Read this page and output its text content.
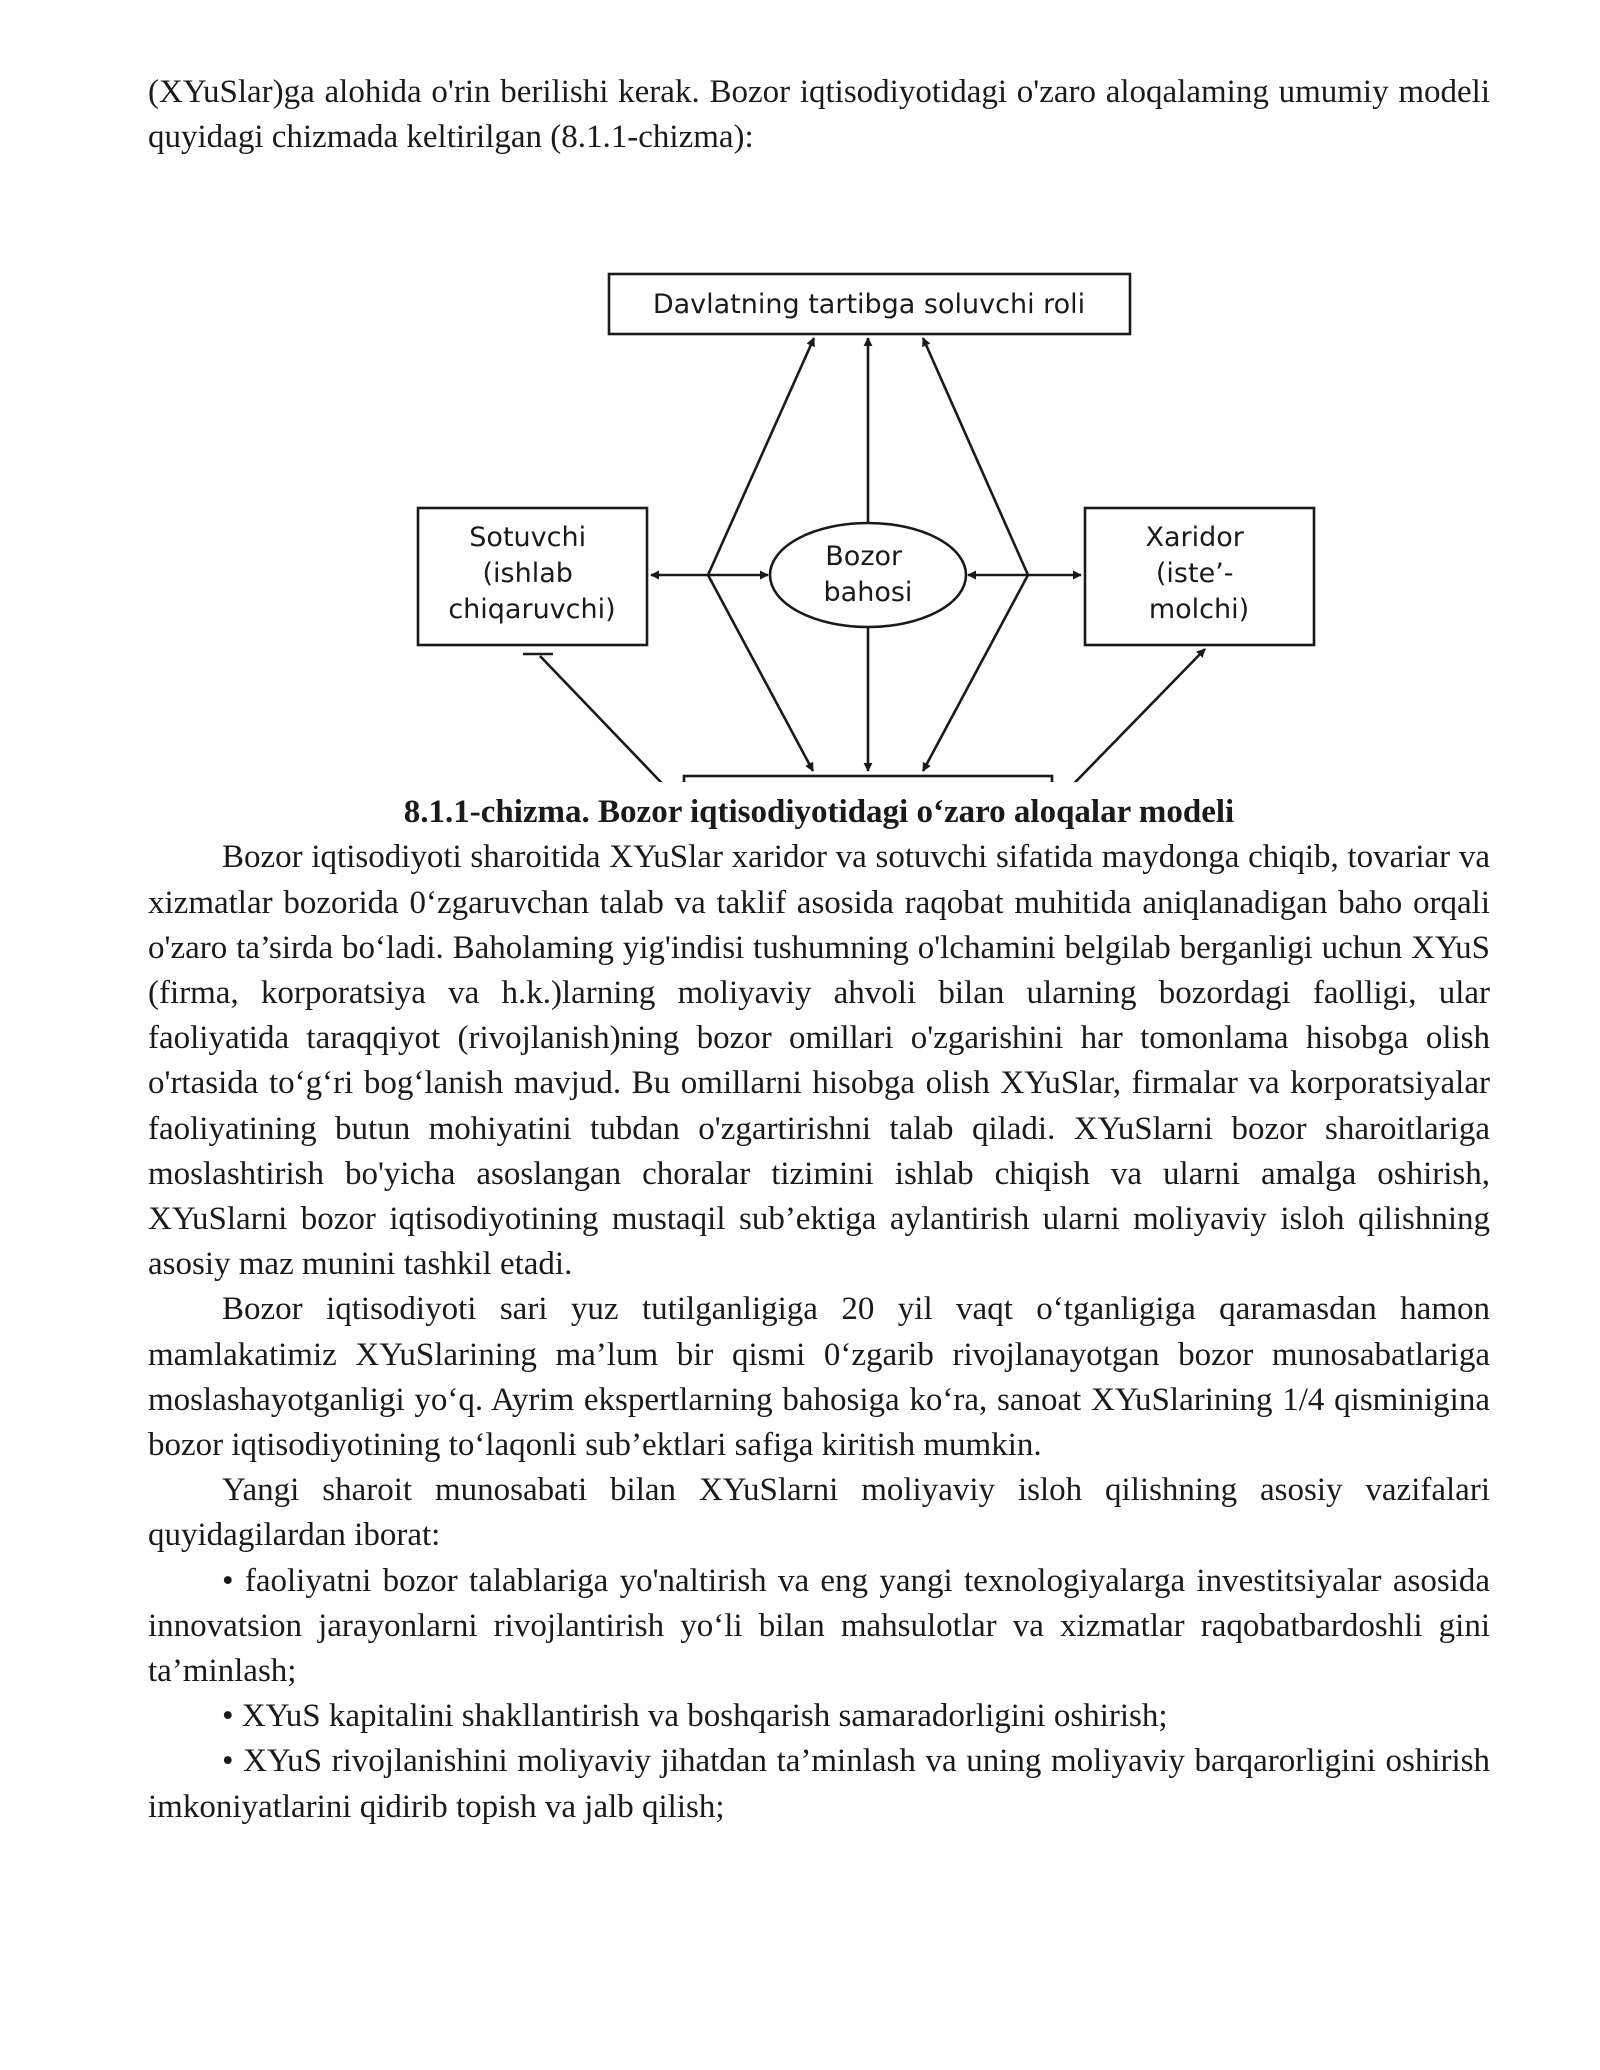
(XYuSlar)ga alohida o'rin berilishi kerak. Bozor iqtisodiyotidagi o'zaro aloqalaming umumiy modeli quyidagi chizmada keltirilgan (8.1.1-chizma):

Davlatning tartibga soluvchi roli
Sotuvchi (ishlab chiqaruvchi)
Bozor bahosi
Xaridor (iste’- molchi)

8.1.1-chizma. Bozor iqtisodiyotidagi o‘zaro aloqalar modeli

Bozor iqtisodiyoti sharoitida XYuSlar xaridor va sotuvchi sifatida maydonga chiqib, tovariar va xizmatlar bozorida 0‘zgaruvchan talab va taklif asosida raqobat muhitida aniqlanadigan baho orqali o'zaro ta’sirda bo‘ladi. Baholaming yig'indisi tushumning o'lchamini belgilab berganligi uchun XYuS (firma, korporatsiya va h.k.)larning moliyaviy ahvoli bilan ularning bozordagi faolligi, ular faoliyatida taraqqiyot (rivojlanish)ning bozor omillari o'zgarishini har tomonlama hisobga olish o'rtasida to‘g‘ri bog‘lanish mavjud. Bu omillarni hisobga olish XYuSlar, firmalar va korporatsiyalar faoliyatining butun mohiyatini tubdan o'zgartirishni talab qiladi. XYuSlarni bozor sharoitlariga moslashtirish bo'yicha asoslangan choralar tizimini ishlab chiqish va ularni amalga oshirish, XYuSlarni bozor iqtisodiyotining mustaqil sub’ektiga aylantirish ularni moliyaviy isloh qilishning asosiy maz munini tashkil etadi.

Bozor iqtisodiyoti sari yuz tutilganligiga 20 yil vaqt o‘tganligiga qaramasdan hamon mamlakatimiz XYuSlarining ma’lum bir qismi 0‘zgarib rivojlanayotgan bozor munosabatlariga moslashayotganligi yo‘q. Ayrim ekspertlarning bahosiga ko‘ra, sanoat XYuSlarining 1/4 qisminigina bozor iqtisodiyotining to‘laqonli sub’ektlari safiga kiritish mumkin.

Yangi sharoit munosabati bilan XYuSlarni moliyaviy isloh qilishning asosiy vazifalari quyidagilardan iborat:

• faoliyatni bozor talablariga yo'naltirish va eng yangi texnologiyalarga investitsiyalar asosida innovatsion jarayonlarni rivojlantirish yo‘li bilan mahsulotlar va xizmatlar raqobatbardoshli gini ta’minlash;

• XYuS kapitalini shakllantirish va boshqarish samaradorligini oshirish;

• XYuS rivojlanishini moliyaviy jihatdan ta’minlash va uning moliyaviy barqarorligini oshirish imkoniyatlarini qidirib topish va jalb qilish;
